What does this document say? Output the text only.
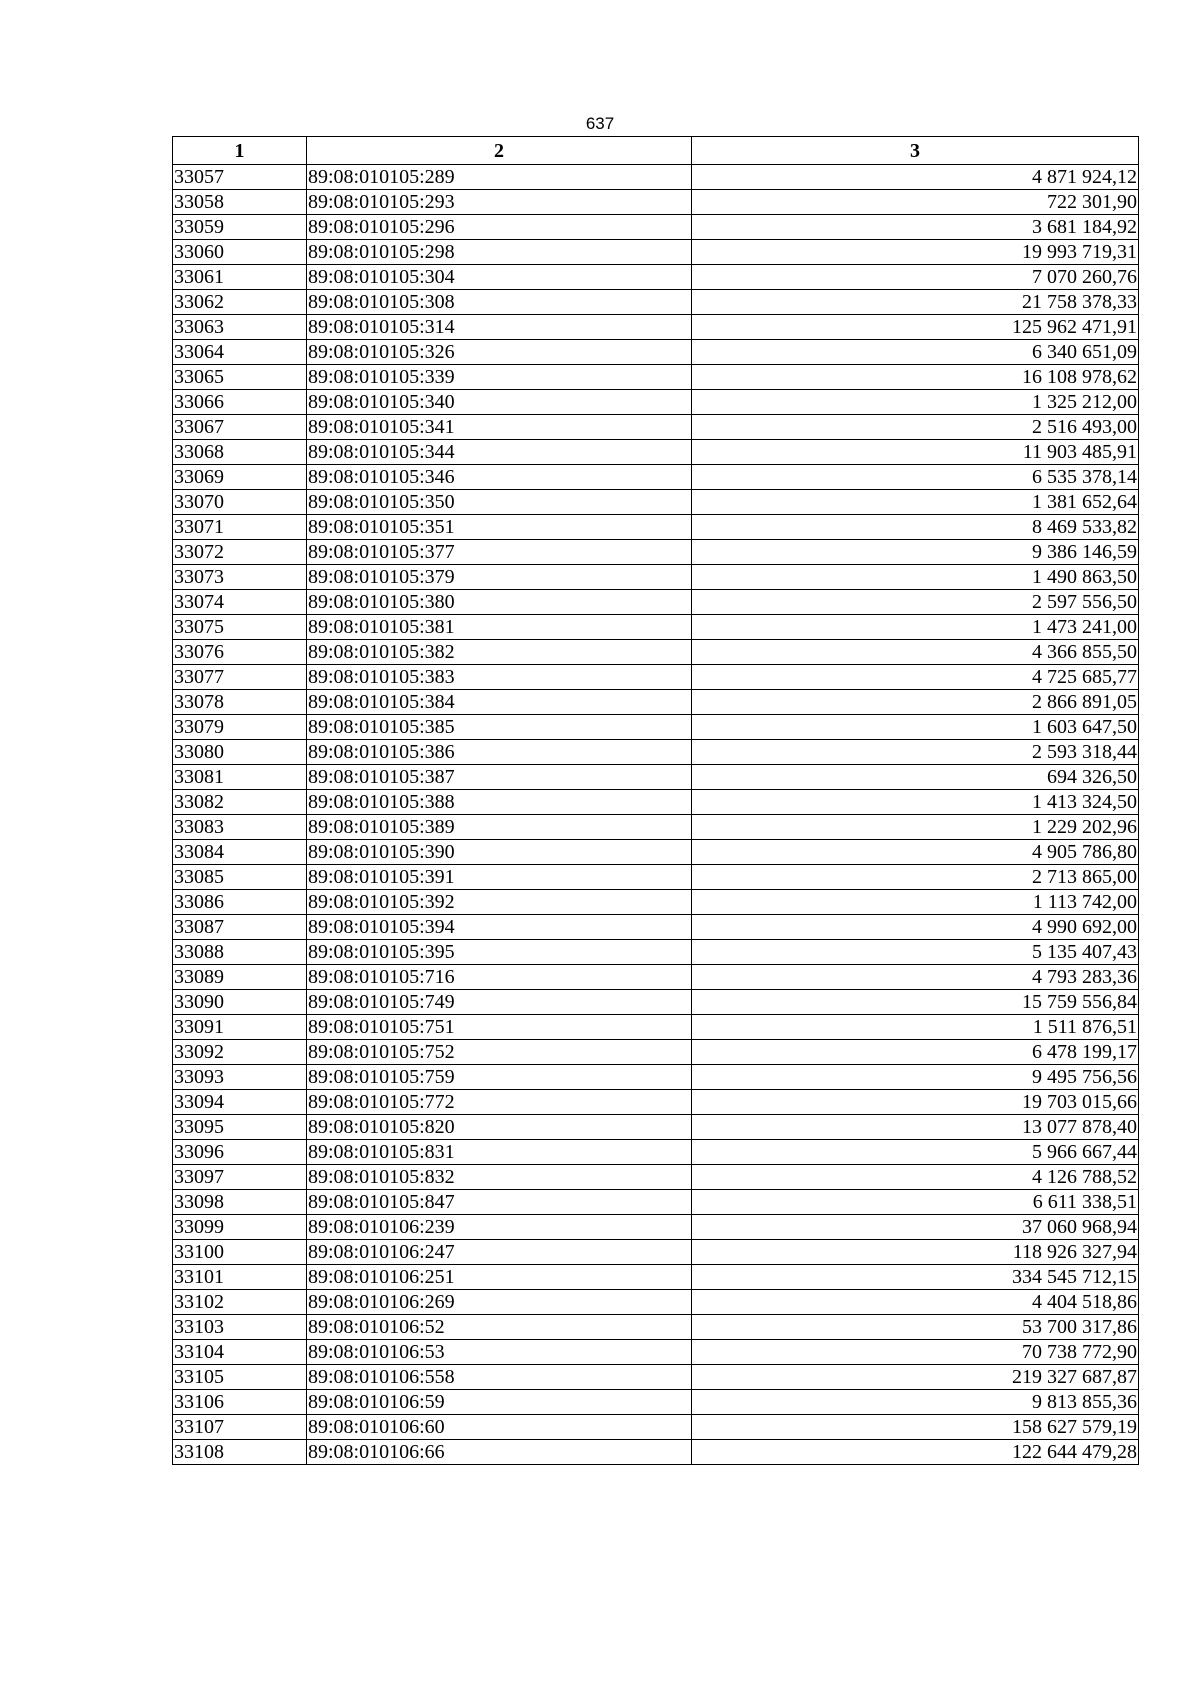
637
1	2	3
33057	89:08:010105:289	4 871 924,12
33058	89:08:010105:293	722 301,90
33059	89:08:010105:296	3 681 184,92
33060	89:08:010105:298	19 993 719,31
33061	89:08:010105:304	7 070 260,76
33062	89:08:010105:308	21 758 378,33
33063	89:08:010105:314	125 962 471,91
33064	89:08:010105:326	6 340 651,09
33065	89:08:010105:339	16 108 978,62
33066	89:08:010105:340	1 325 212,00
33067	89:08:010105:341	2 516 493,00
33068	89:08:010105:344	11 903 485,91
33069	89:08:010105:346	6 535 378,14
33070	89:08:010105:350	1 381 652,64
33071	89:08:010105:351	8 469 533,82
33072	89:08:010105:377	9 386 146,59
33073	89:08:010105:379	1 490 863,50
33074	89:08:010105:380	2 597 556,50
33075	89:08:010105:381	1 473 241,00
33076	89:08:010105:382	4 366 855,50
33077	89:08:010105:383	4 725 685,77
33078	89:08:010105:384	2 866 891,05
33079	89:08:010105:385	1 603 647,50
33080	89:08:010105:386	2 593 318,44
33081	89:08:010105:387	694 326,50
33082	89:08:010105:388	1 413 324,50
33083	89:08:010105:389	1 229 202,96
33084	89:08:010105:390	4 905 786,80
33085	89:08:010105:391	2 713 865,00
33086	89:08:010105:392	1 113 742,00
33087	89:08:010105:394	4 990 692,00
33088	89:08:010105:395	5 135 407,43
33089	89:08:010105:716	4 793 283,36
33090	89:08:010105:749	15 759 556,84
33091	89:08:010105:751	1 511 876,51
33092	89:08:010105:752	6 478 199,17
33093	89:08:010105:759	9 495 756,56
33094	89:08:010105:772	19 703 015,66
33095	89:08:010105:820	13 077 878,40
33096	89:08:010105:831	5 966 667,44
33097	89:08:010105:832	4 126 788,52
33098	89:08:010105:847	6 611 338,51
33099	89:08:010106:239	37 060 968,94
33100	89:08:010106:247	118 926 327,94
33101	89:08:010106:251	334 545 712,15
33102	89:08:010106:269	4 404 518,86
33103	89:08:010106:52	53 700 317,86
33104	89:08:010106:53	70 738 772,90
33105	89:08:010106:558	219 327 687,87
33106	89:08:010106:59	9 813 855,36
33107	89:08:010106:60	158 627 579,19
33108	89:08:010106:66	122 644 479,28
